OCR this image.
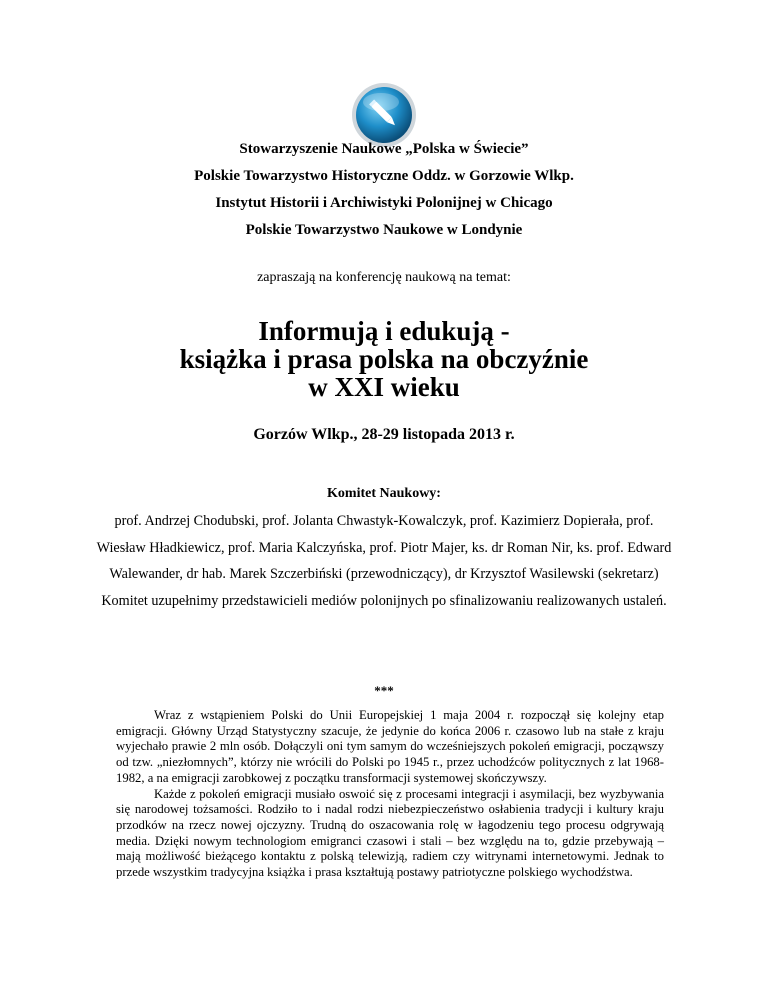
Stowarzyszenie Naukowe „Polska w Świecie”
Polskie Towarzystwo Historyczne Oddz. w Gorzowie Wlkp.
Instytut Historii i Archiwistyki Polonijnej w Chicago
Polskie Towarzystwo Naukowe w Londynie
zapraszają na konferencję naukową na temat:
Informują i edukują -
książka i prasa polska na obczyźnie
w XXI wieku
Gorzów Wlkp., 28-29 listopada 2013 r.
Komitet Naukowy:
prof. Andrzej Chodubski, prof. Jolanta Chwastyk-Kowalczyk, prof. Kazimierz Dopierała, prof. Wiesław Hładkiewicz, prof. Maria Kalczyńska, prof. Piotr Majer, ks. dr Roman Nir, ks. prof. Edward Walewander, dr hab. Marek Szczerbiński (przewodniczący), dr Krzysztof Wasilewski (sekretarz)
Komitet uzupełnimy przedstawicieli mediów polonijnych po sfinalizowaniu realizowanych ustaleń.
***

Wraz z wstąpieniem Polski do Unii Europejskiej 1 maja 2004 r. rozpoczął się kolejny etap emigracji. Główny Urząd Statystyczny szacuje, że jedynie do końca 2006 r. czasowo lub na stałe z kraju wyjechało prawie 2 mln osób. Dołączyli oni tym samym do wcześniejszych pokoleń emigracji, począwszy od tzw. „niezłomnych”, którzy nie wrócili do Polski po 1945 r., przez uchodźców politycznych z lat 1968-1982, a na emigracji zarobkowej z początku transformacji systemowej skończywszy.

Każde z pokoleń emigracji musiało oswoić się z procesami integracji i asymilacji, bez wyzbywania się narodowej tożsamości. Rodziło to i nadal rodzi niebezpieczeństwo osłabienia tradycji i kultury kraju przodków na rzecz nowej ojczyzny. Trudną do oszacowania rolę w łagodzeniu tego procesu odgrywają media. Dzięki nowym technologiom emigranci czasowi i stali – bez względu na to, gdzie przebywają – mają możliwość bieżącego kontaktu z polską telewizją, radiem czy witrynami internetowymi. Jednak to przede wszystkim tradycyjna książka i prasa kształtują postawy patriotyczne polskiego wychodźstwa.
